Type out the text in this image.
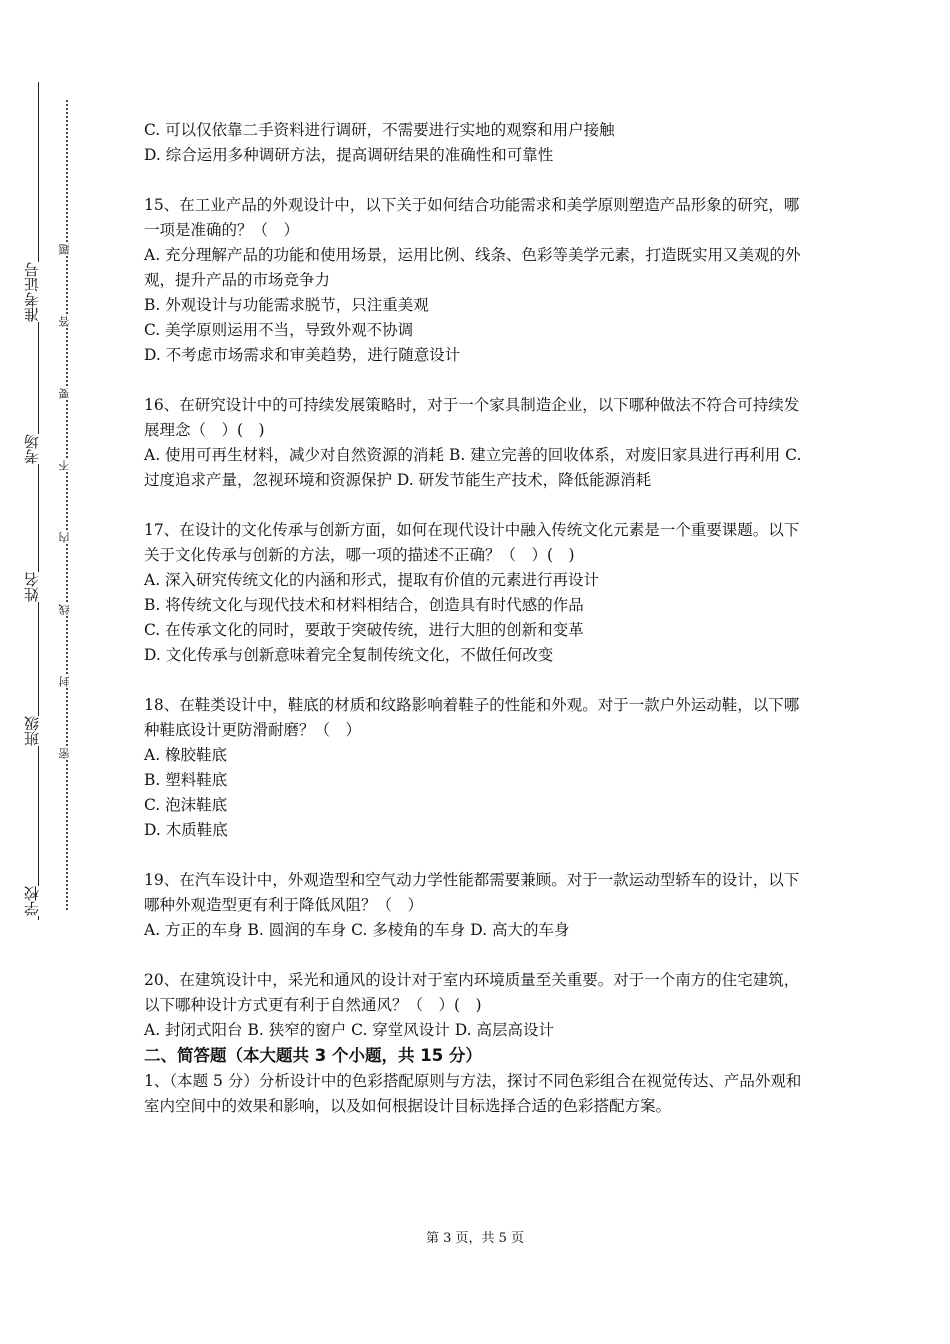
准考证号
考场
姓名
班级
学校
题
答
要
不
内
线
封
密

C. 可以仅依靠二手资料进行调研，不需要进行实地的观察和用户接触

D. 综合运用多种调研方法，提高调研结果的准确性和可靠性

15、在工业产品的外观设计中，以下关于如何结合功能需求和美学原则塑造产品形象的研究，哪一项是准确的？（　）

A. 充分理解产品的功能和使用场景，运用比例、线条、色彩等美学元素，打造既实用又美观的外观，提升产品的市场竞争力

B. 外观设计与功能需求脱节，只注重美观

C. 美学原则运用不当，导致外观不协调

D. 不考虑市场需求和审美趋势，进行随意设计

16、在研究设计中的可持续发展策略时，对于一个家具制造企业，以下哪种做法不符合可持续发展理念（　）(　)

A. 使用可再生材料，减少对自然资源的消耗 B. 建立完善的回收体系，对废旧家具进行再利用 C. 过度追求产量，忽视环境和资源保护 D. 研发节能生产技术，降低能源消耗

17、在设计的文化传承与创新方面，如何在现代设计中融入传统文化元素是一个重要课题。以下关于文化传承与创新的方法，哪一项的描述不正确？（　）(　)

A. 深入研究传统文化的内涵和形式，提取有价值的元素进行再设计

B. 将传统文化与现代技术和材料相结合，创造具有时代感的作品

C. 在传承文化的同时，要敢于突破传统，进行大胆的创新和变革

D. 文化传承与创新意味着完全复制传统文化，不做任何改变

18、在鞋类设计中，鞋底的材质和纹路影响着鞋子的性能和外观。对于一款户外运动鞋，以下哪种鞋底设计更防滑耐磨？（　）

A. 橡胶鞋底

B. 塑料鞋底

C. 泡沫鞋底

D. 木质鞋底

19、在汽车设计中，外观造型和空气动力学性能都需要兼顾。对于一款运动型轿车的设计，以下哪种外观造型更有利于降低风阻？（　）

A. 方正的车身 B. 圆润的车身 C. 多棱角的车身 D. 高大的车身

20、在建筑设计中，采光和通风的设计对于室内环境质量至关重要。对于一个南方的住宅建筑，以下哪种设计方式更有利于自然通风？（　）(　)

A. 封闭式阳台 B. 狭窄的窗户 C. 穿堂风设计 D. 高层高设计

二、简答题（本大题共 3 个小题，共 15 分）

1、（本题 5 分）分析设计中的色彩搭配原则与方法，探讨不同色彩组合在视觉传达、产品外观和室内空间中的效果和影响，以及如何根据设计目标选择合适的色彩搭配方案。

第 3 页，共 5 页
